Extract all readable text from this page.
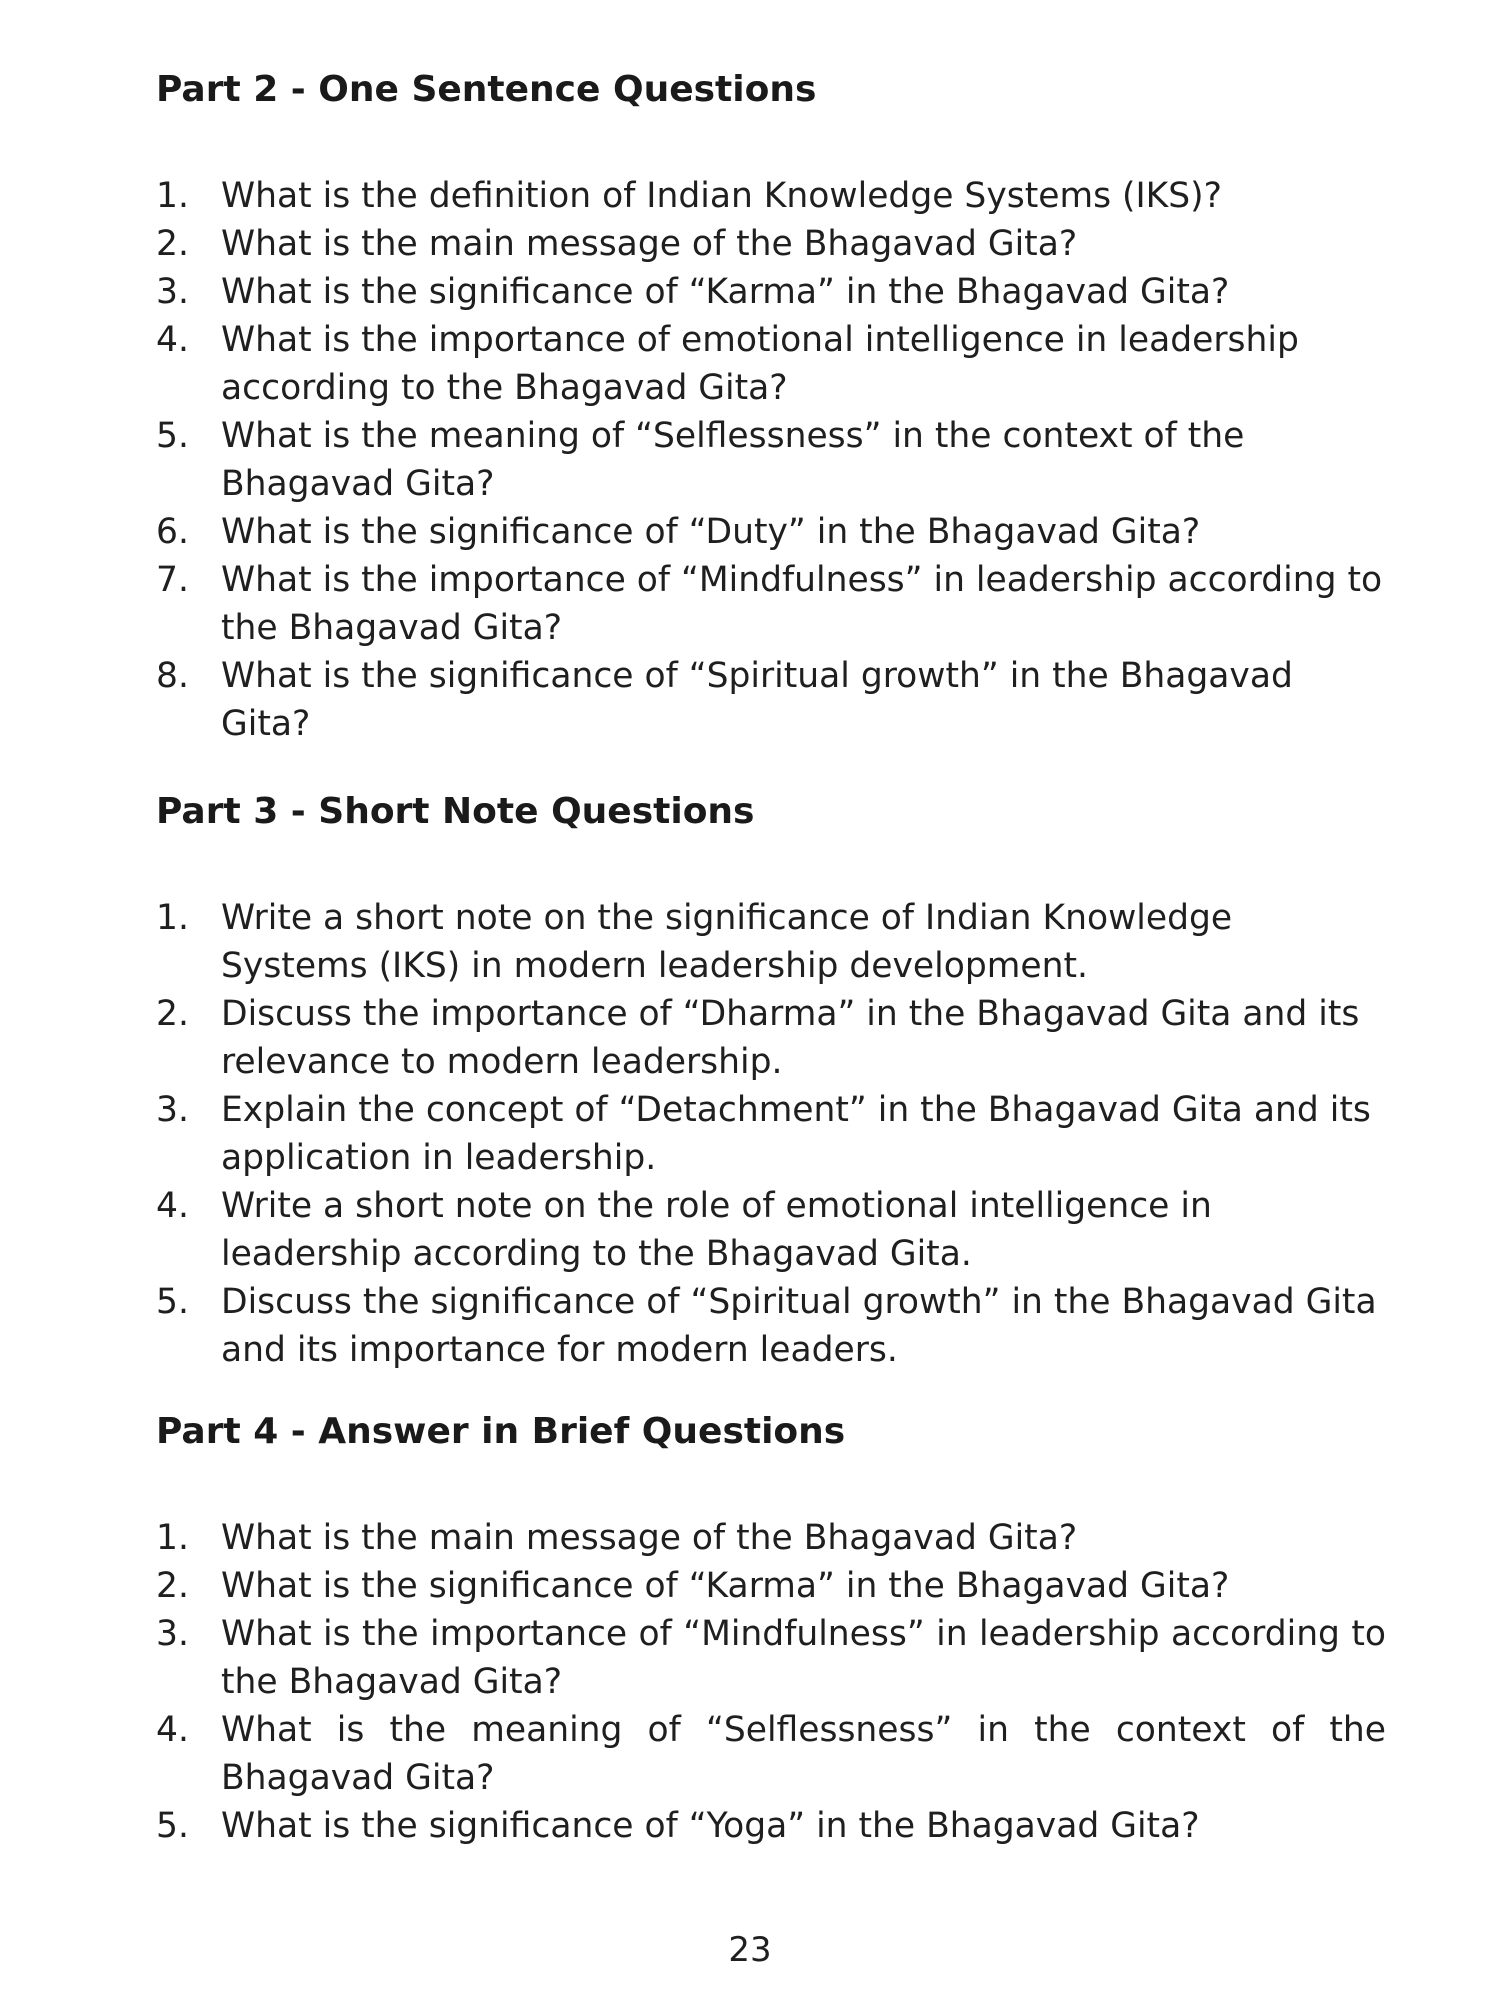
Part 2 - One Sentence Questions
1. What is the definition of Indian Knowledge Systems (IKS)?
2. What is the main message of the Bhagavad Gita?
3. What is the significance of “Karma” in the Bhagavad Gita?
4. What is the importance of emotional intelligence in leadership according to the Bhagavad Gita?
5. What is the meaning of “Selflessness” in the context of the Bhagavad Gita?
6. What is the significance of “Duty” in the Bhagavad Gita?
7. What is the importance of “Mindfulness” in leadership according to the Bhagavad Gita?
8. What is the significance of “Spiritual growth” in the Bhagavad Gita?
Part 3 - Short Note Questions
1. Write a short note on the significance of Indian Knowledge Systems (IKS) in modern leadership development.
2. Discuss the importance of “Dharma” in the Bhagavad Gita and its relevance to modern leadership.
3. Explain the concept of “Detachment” in the Bhagavad Gita and its application in leadership.
4. Write a short note on the role of emotional intelligence in leadership according to the Bhagavad Gita.
5. Discuss the significance of “Spiritual growth” in the Bhagavad Gita and its importance for modern leaders.
Part 4 - Answer in Brief Questions
1. What is the main message of the Bhagavad Gita?
2. What is the significance of “Karma” in the Bhagavad Gita?
3. What is the importance of “Mindfulness” in leadership according to the Bhagavad Gita?
4. What is the meaning of “Selflessness” in the context of the Bhagavad Gita?
5. What is the significance of “Yoga” in the Bhagavad Gita?
23
